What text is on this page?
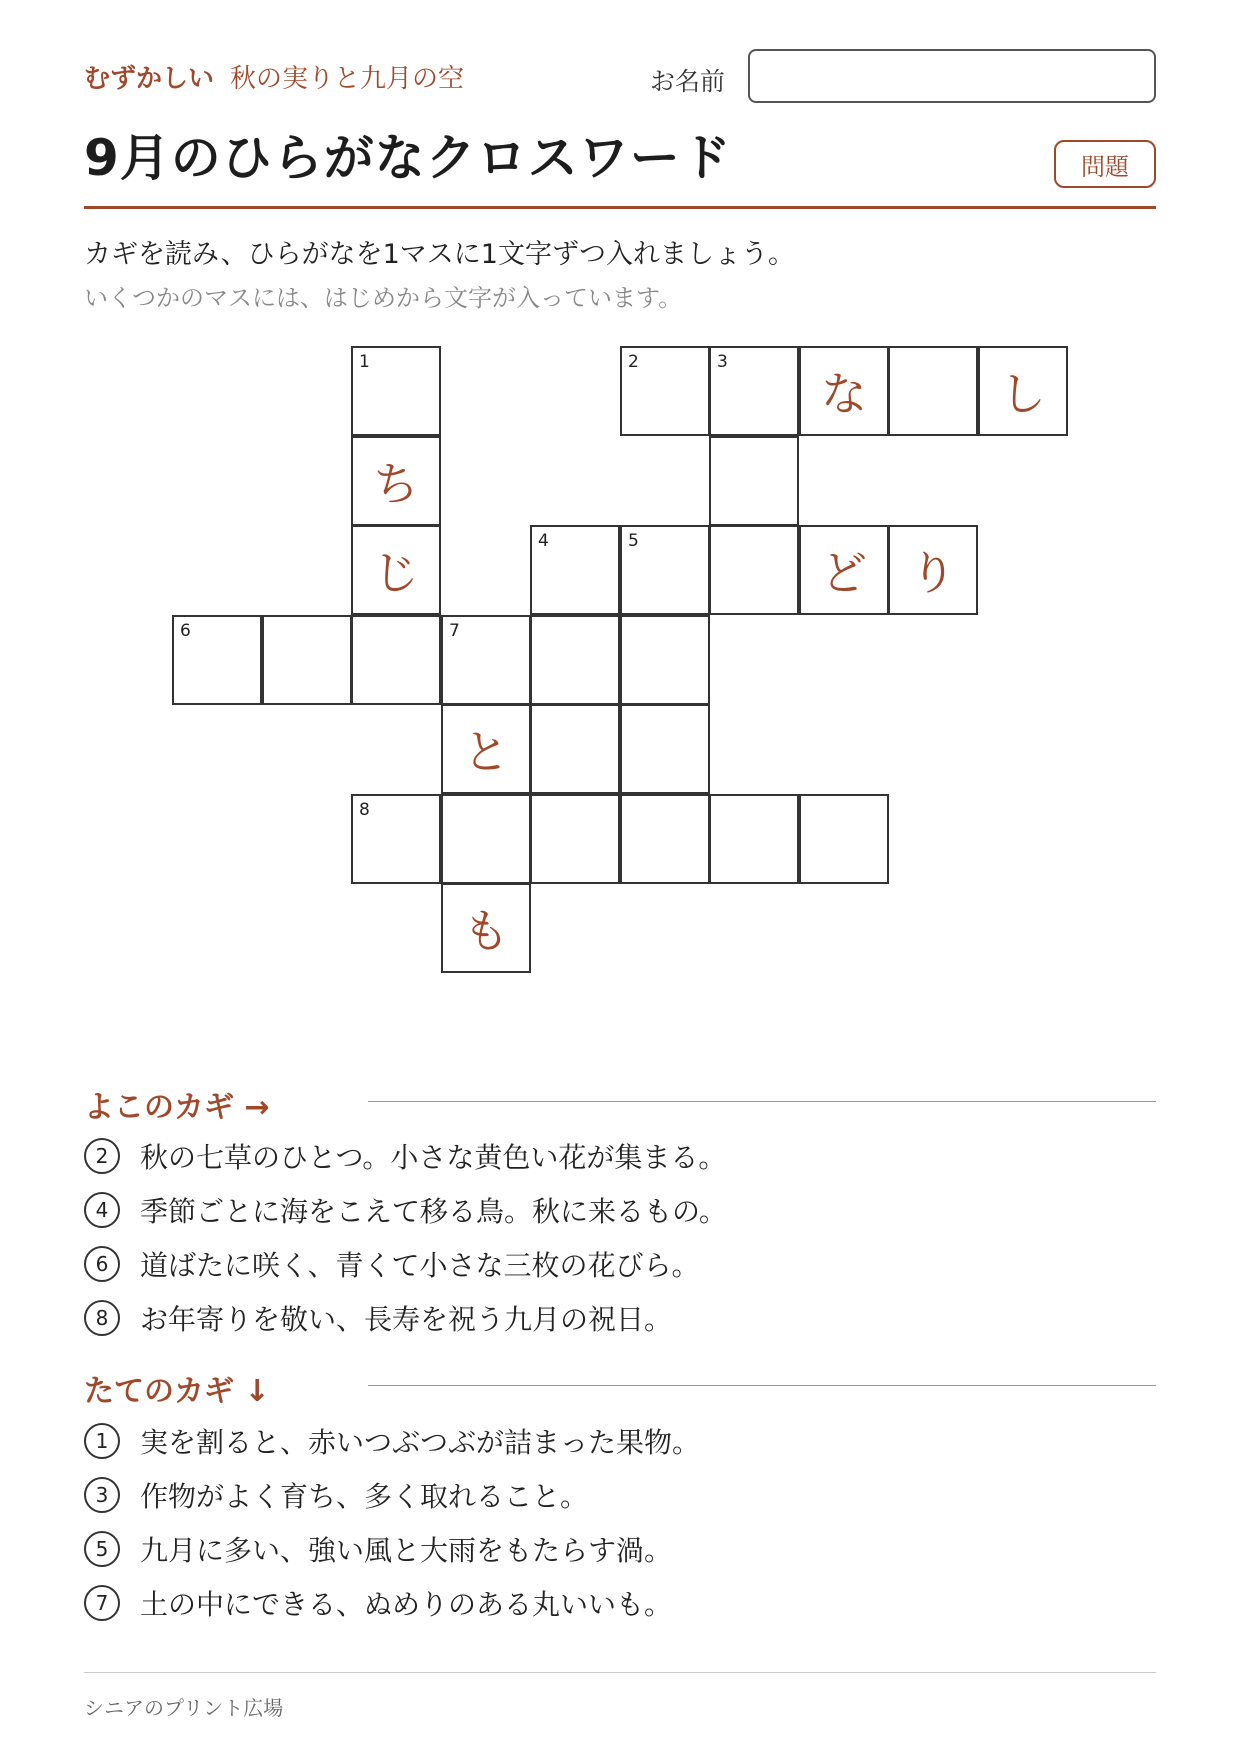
むずかしい 秋の実りと九月の空	お名前
9月のひらがなクロスワード	問題
カギを読み、ひらがなを1マスに1文字ずつ入れましょう。
いくつかのマスには、はじめから文字が入っています。
1	2	3
な	し
ち
じ
4	5
ど り
6	7
と
8
も
よこのカギ →
2	秋の七草のひとつ。小さな黄色い花が集まる。
4	季節ごとに海をこえて移る鳥。秋に来るもの。
6	道ばたに咲く、青くて小さな三枚の花びら。
8	お年寄りを敬い、長寿を祝う九月の祝日。
たてのカギ ↓
1	実を割ると、赤いつぶつぶが詰まった果物。
3	作物がよく育ち、多く取れること。
5	九月に多い、強い風と大雨をもたらす渦。
7	土の中にできる、ぬめりのある丸いいも。
シニアのプリント広場
